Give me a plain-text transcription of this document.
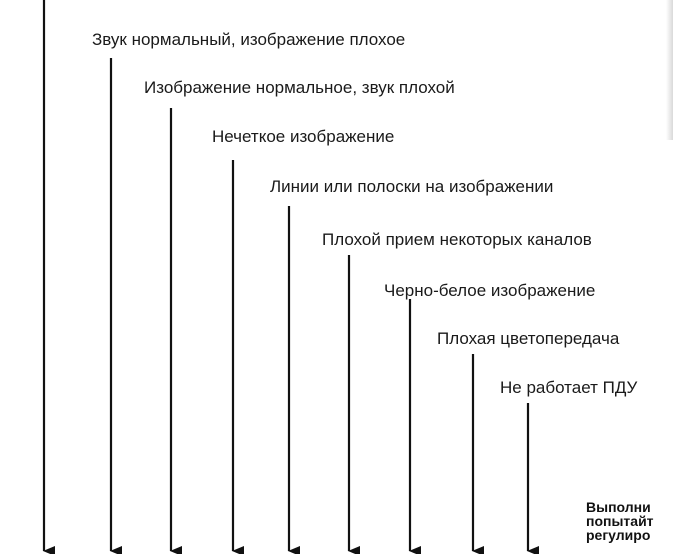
Звук нормальный, изображение плохое
Изображение нормальное, звук плохой
Нечеткое изображение
Линии или полоски на изображении
Плохой прием некоторых каналов
Черно-белое изображение
Плохая цветопередача
Не работает ПДУ
Выполни
попытайт
регулиро
